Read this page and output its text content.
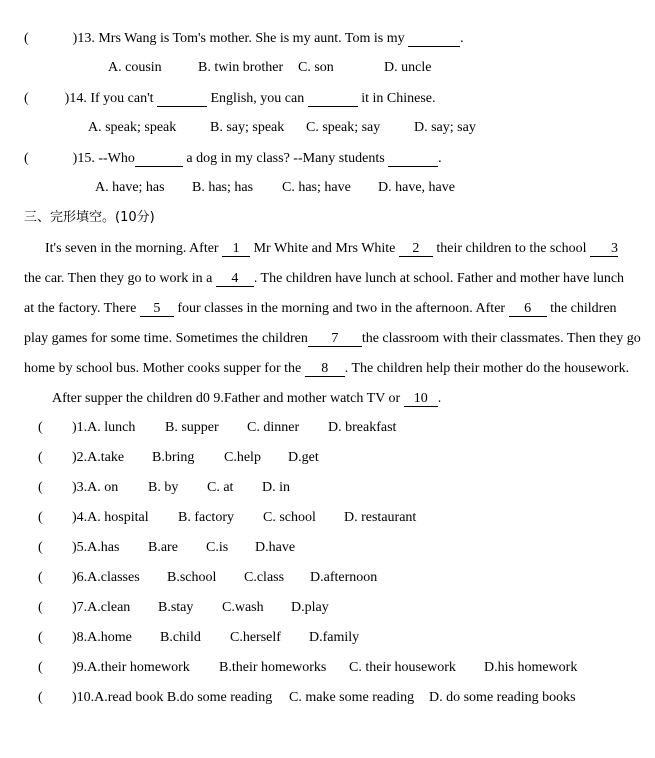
(	)13. Mrs Wang is Tom's mother. She is my aunt. Tom is my	.
A. cousin	B. twin brother C. son	D. uncle
(	)14. If you can't	English, you can	it in Chinese.
A. speak; speak B. say; speak C. speak; say D. say; say
(	)15. --Who	a dog in my class? --Many students	.
A. have; has B. has; has C. has; have D. have, have
三、完形填空。(10分)
It's seven in the morning. After 1 Mr White and Mrs White 2 their children to the school 3
the car. Then they go to work in a 4 . The children have lunch at school. Father and mother have lunch
at the factory. There 5 four classes in the morning and two in the afternoon. After 6 the children
play games for some time. Sometimes the children 7 the classroom with their classmates. Then they go
home by school bus. Mother cooks supper for the 8 . The children help their mother do the housework.
After supper the children d0 9.Father and mother watch TV or 10 .
( )1.A. lunch B. supper C. dinner D. breakfast
( )2.A.take B.bring C.help D.get
( )3.A. on B. by C. at D. in
( )4.A. hospital B. factory C. school D. restaurant
( )5.A.has B.are C.is D.have
( )6.A.classes B.school C.class D.afternoon
( )7.A.clean B.stay C.wash D.play
( )8.A.home B.child C.herself D.family
( )9.A.their homework B.their homeworks C. their housework D.his homework
( )10.A.read book B.do some reading C. make some reading D. do some reading books
